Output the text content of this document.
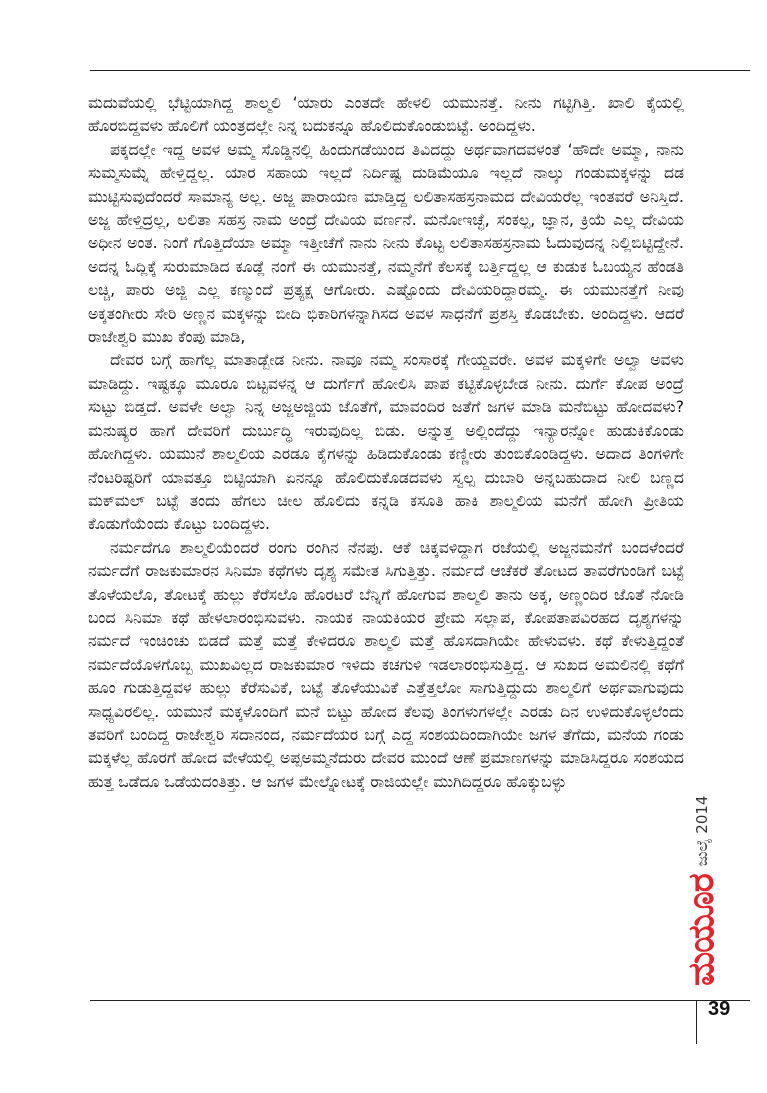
ಮದುವೆಯಲ್ಲಿ ಭೆಟ್ಟಿಯಾಗಿದ್ದ ಶಾಲ್ಮಲಿ ‘ಯಾರು ಎಂತದೇ ಹೇಳಲಿ ಯಮುನತ್ತೆ. ನೀನು ಗಟ್ಟಿಗಿತ್ತಿ. ಖಾಲಿ ಕೈಯಲ್ಲಿ ಹೊರಬಿದ್ದವಳು ಹೊಲಿಗೆ ಯಂತ್ರದಲ್ಲೇ ನಿನ್ನ ಬದುಕನ್ನೂ ಹೊಲಿದುಕೊಂಡುಬಿಟ್ಟೆ. ಅಂದಿದ್ದಳು.

ಪಕ್ಕದಲ್ಲೇ ಇದ್ದ ಅವಳ ಅಮ್ಮ ಸೊಡ್ಡಿನಲ್ಲಿ ಹಿಂದುಗಡೆಯಿಂದ ತಿವಿದದ್ದು ಅರ್ಥವಾಗದವಳಂತೆ ‘ಹೌದೇ ಅಮ್ಮಾ, ನಾನು ಸುಮ್ಮಸುಮ್ನೆ ಹೇಳ್ತಿದ್ದಲ್ಲ. ಯಾರ ಸಹಾಯ ಇಲ್ಲದೆ ನಿರ್ದಿಷ್ಟ ದುಡಿಮೆಯೂ ಇಲ್ಲದೆ ನಾಲ್ಕು ಗಂಡುಮಕ್ಕಳನ್ನು ದಡ ಮುಟ್ಟಿಸುವುದೆಂದರೆ ಸಾಮಾನ್ಯ ಅಲ್ಲ. ಅಜ್ಜ ಪಾರಾಯಣ ಮಾಡ್ತಿದ್ದ ಲಲಿತಾಸಹಸ್ರನಾಮದ ದೇವಿಯರೆಲ್ಲ ಇಂತವರೆ ಅನಿಸ್ತಿದೆ. ಅಜ್ಜ ಹೇಳ್ತಿದ್ರಲ್ಲ, ಲಲಿತಾ ಸಹಸ್ರ ನಾಮ ಅಂದ್ರೆ ದೇವಿಯ ವರ್ಣನೆ. ಮನೋಇಚ್ಛೆ, ಸಂಕಲ್ಪ, ಜ್ಞಾನ, ಕ್ರಿಯೆ ಎಲ್ಲ ದೇವಿಯ ಅಧೀನ ಅಂತ. ನಿಂಗೆ ಗೊತ್ತಿದೆಯಾ ಅಮ್ಮಾ ಇತ್ತೀಚೆಗೆ ನಾನು ನೀನು ಕೊಟ್ಟ ಲಲಿತಾಸಹಸ್ರನಾಮ ಓದುವುದನ್ನ ನಿಲ್ಲಿಬಿಟ್ಟಿದ್ದೇನೆ. ಅದನ್ನ ಓದ್ಲಿಕ್ಕೆ ಸುರುಮಾಡಿದ ಕೂಡ್ಲೆ ನಂಗೆ ಈ ಯಮುನತ್ತೆ, ನಮ್ಮನೆಗೆ ಕೆಲಸಕ್ಕೆ ಬರ್ತ್ತಿದ್ದಲ್ಲ ಆ ಕುಡುಕ ಓಬಯ್ಯನ ಹೆಂಡತಿ ಲಚ್ಚಿ, ಪಾರು ಅಜ್ಜಿ ಎಲ್ಲ ಕಣ್ಮುಂದೆ ಪ್ರತ್ಯಕ್ಷ ಆಗೋರು. ಎಷ್ಟೊಂದು ದೇವಿಯರಿದ್ದಾರಮ್ಮ. ಈ ಯಮುನತ್ತೆಗೆ ನೀವು ಅಕ್ಕತಂಗೀರು ಸೇರಿ ಅಣ್ಣನ ಮಕ್ಕಳನ್ನು ಬೀದಿ ಭಿಕಾರಿಗಳನ್ನಾಗಿಸದ ಅವಳ ಸಾಧನೆಗೆ ಪ್ರಶಸ್ತಿ ಕೊಡಬೇಕು. ಅಂದಿದ್ದಳು. ಆದರೆ ರಾಜೇಶ್ವರಿ ಮುಖ ಕೆಂಪು ಮಾಡಿ,

ದೇವರ ಬಗ್ಗೆ ಹಾಗೆಲ್ಲ ಮಾತಾಡ್ಬೇಡ ನೀನು. ನಾವೂ ನಮ್ಮ ಸಂಸಾರಕ್ಕೆ ಗೇಯ್ದವರೇ. ಅವಳ ಮಕ್ಕಳಿಗೇ ಅಲ್ವಾ ಅವಳು ಮಾಡಿದ್ದು. ಇಷ್ಟಕ್ಕೂ ಮೂರೂ ಬಿಟ್ಟವಳನ್ನ ಆ ದುರ್ಗೆಗೆ ಹೋಲಿಸಿ ಪಾಪ ಕಟ್ಟಿಕೊಳ್ಳಬೇಡ ನೀನು. ದುರ್ಗೆ ಕೋಪ ಅಂದ್ರೆ ಸುಟ್ಟು ಬಿಡ್ತದೆ. ಅವಳೇ ಅಲ್ವಾ ನಿನ್ನ ಅಜ್ಜಅಜ್ಜಿಯ ಜೊತೆಗೆ, ಮಾವಂದಿರ ಜತೆಗೆ ಜಗಳ ಮಾಡಿ ಮನೆಬಿಟ್ಟು ಹೋದವಳು? ಮನುಷ್ಯರ ಹಾಗೆ ದೇವರಿಗೆ ದುರ್ಬುದ್ಧಿ ಇರುವುದಿಲ್ಲ ಬಿಡು. ಅನ್ನುತ್ತ ಅಲ್ಲಿಂದೆದ್ದು ಇನ್ಯಾರನ್ನೋ ಹುಡುಕಿಕೊಂಡು ಹೋಗಿದ್ದಳು. ಯಮುನೆ ಶಾಲ್ಮಲಿಯ ಎರಡೂ ಕೈಗಳನ್ನು ಹಿಡಿದುಕೊಂಡು ಕಣ್ಣೀರು ತುಂಬಿಕೊಂಡಿದ್ದಳು. ಅದಾದ ತಿಂಗಳಿಗೇ ನೆಂಟರಿಷ್ಟರಿಗೆ ಯಾವತ್ತೂ ಬಿಟ್ಟಿಯಾಗಿ ಏನನ್ನೂ ಹೊಲಿದುಕೊಡದವಳು ಸ್ವಲ್ಪ ದುಬಾರಿ ಅನ್ನಬಹುದಾದ ನೀಲಿ ಬಣ್ಣದ ಮಕ್‌ಮಲ್ ಬಟ್ಟೆ ತಂದು ಹೆಗಲು ಚೀಲ ಹೊಲಿದು ಕನ್ನಡಿ ಕಸೂತಿ ಹಾಕಿ ಶಾಲ್ಮಲಿಯ ಮನೆಗೆ ಹೋಗಿ ಪ್ರೀತಿಯ ಕೊಡುಗೆಯೆಂದು ಕೊಟ್ಟು ಬಂದಿದ್ದಳು.

ನರ್ಮದೆಗೂ ಶಾಲ್ಮಲಿಯೆಂದರೆ ರಂಗು ರಂಗಿನ ನೆನಪು. ಆಕೆ ಚಿಕ್ಕವಳಿದ್ದಾಗ ರಜೆಯಲ್ಲಿ ಅಜ್ಜನಮನೆಗೆ ಬಂದಳೆಂದರೆ ನರ್ಮದೆಗೆ ರಾಜಕುಮಾರನ ಸಿನಿಮಾ ಕಥೆಗಳು ದೃಶ್ಯ ಸಮೇತ ಸಿಗುತ್ತಿತ್ತು. ನರ್ಮದೆ ಆಚೆಕರೆ ತೋಟದ ತಾವರೆಗುಂಡಿಗೆ ಬಟ್ಟೆ ತೊಳೆಯಲೊ, ತೋಟಕ್ಕೆ ಹುಲ್ಲು ಕೆರೆಸಲೊ ಹೊರಟರೆ ಬೆನ್ನಿಗೆ ಹೋಗುವ ಶಾಲ್ಮಲಿ ತಾನು ಅಕ್ಕ, ಅಣ್ಣಂದಿರ ಜೊತೆ ನೋಡಿ ಬಂದ ಸಿನಿಮಾ ಕಥೆ ಹೇಳಲಾರಂಭಿಸುವಳು. ನಾಯಕ ನಾಯಕಿಯರ ಪ್ರೇಮ ಸಲ್ಲಾಪ, ಕೋಪತಾಪವಿರಹದ ದೃಶ್ಯಗಳನ್ನು ನರ್ಮದೆ ಇಂಚಿಂಚು ಬಿಡದೆ ಮತ್ತೆ ಮತ್ತೆ ಕೇಳಿದರೂ ಶಾಲ್ಮಲಿ ಮತ್ತೆ ಹೊಸದಾಗಿಯೇ ಹೇಳುವಳು. ಕಥೆ ಕೇಳುತ್ತಿದ್ದಂತೆ ನರ್ಮದೆಯೊಳಗೊಬ್ಬ ಮುಖವಿಲ್ಲದ ರಾಜಕುಮಾರ ಇಳಿದು ಕಚಗುಳಿ ಇಡಲಾರಂಭಿಸುತ್ತಿದ್ದ. ಆ ಸುಖದ ಅಮಲಿನಲ್ಲಿ ಕಥೆಗೆ ಹೂಂ ಗುಡುತ್ತಿದ್ದವಳ ಹುಲ್ಲು ಕೆರೆಸುವಿಕೆ, ಬಟ್ಟೆ ತೊಳೆಯುವಿಕೆ ಎತ್ತೆತ್ತಲೋ ಸಾಗುತ್ತಿದ್ದುದು ಶಾಲ್ಮಲಿಗೆ ಅರ್ಥವಾಗುವುದು ಸಾಧ್ಯವಿರಲಿಲ್ಲ. ಯಮುನೆ ಮಕ್ಕಳೊಂದಿಗೆ ಮನೆ ಬಿಟ್ಟು ಹೋದ ಕೆಲವು ತಿಂಗಳುಗಳಲ್ಲೇ ಎರಡು ದಿನ ಉಳಿದುಕೊಳ್ಳಲೆಂದು ತವರಿಗೆ ಬಂದಿದ್ದ ರಾಜೇಶ್ವರಿ ಸದಾನಂದ, ನರ್ಮದೆಯರ ಬಗ್ಗೆ ಎದ್ದ ಸಂಶಯದಿಂದಾಗಿಯೇ ಜಗಳ ತೆಗೆದು, ಮನೆಯ ಗಂಡು ಮಕ್ಕಳೆಲ್ಲ ಹೊರಗೆ ಹೋದ ವೇಳೆಯಲ್ಲಿ ಅಪ್ಪಅಮ್ಮನೆದುರು ದೇವರ ಮುಂದೆ ಆಣೆ ಪ್ರಮಾಣಗಳನ್ನು ಮಾಡಿಸಿದ್ದರೂ ಸಂಶಯದ ಹುತ್ತ ಒಡೆದೂ ಒಡೆಯದಂತಿತ್ತು. ಆ ಜಗಳ ಮೇಲ್ನೋಟಕ್ಕೆ ರಾಜಿಯಲ್ಲೇ ಮುಗಿದಿದ್ದರೂ ಹೊಕ್ಕುಬಳ್ಳು

ಮಯೂರ
ಜುಲೈ 2014
39
